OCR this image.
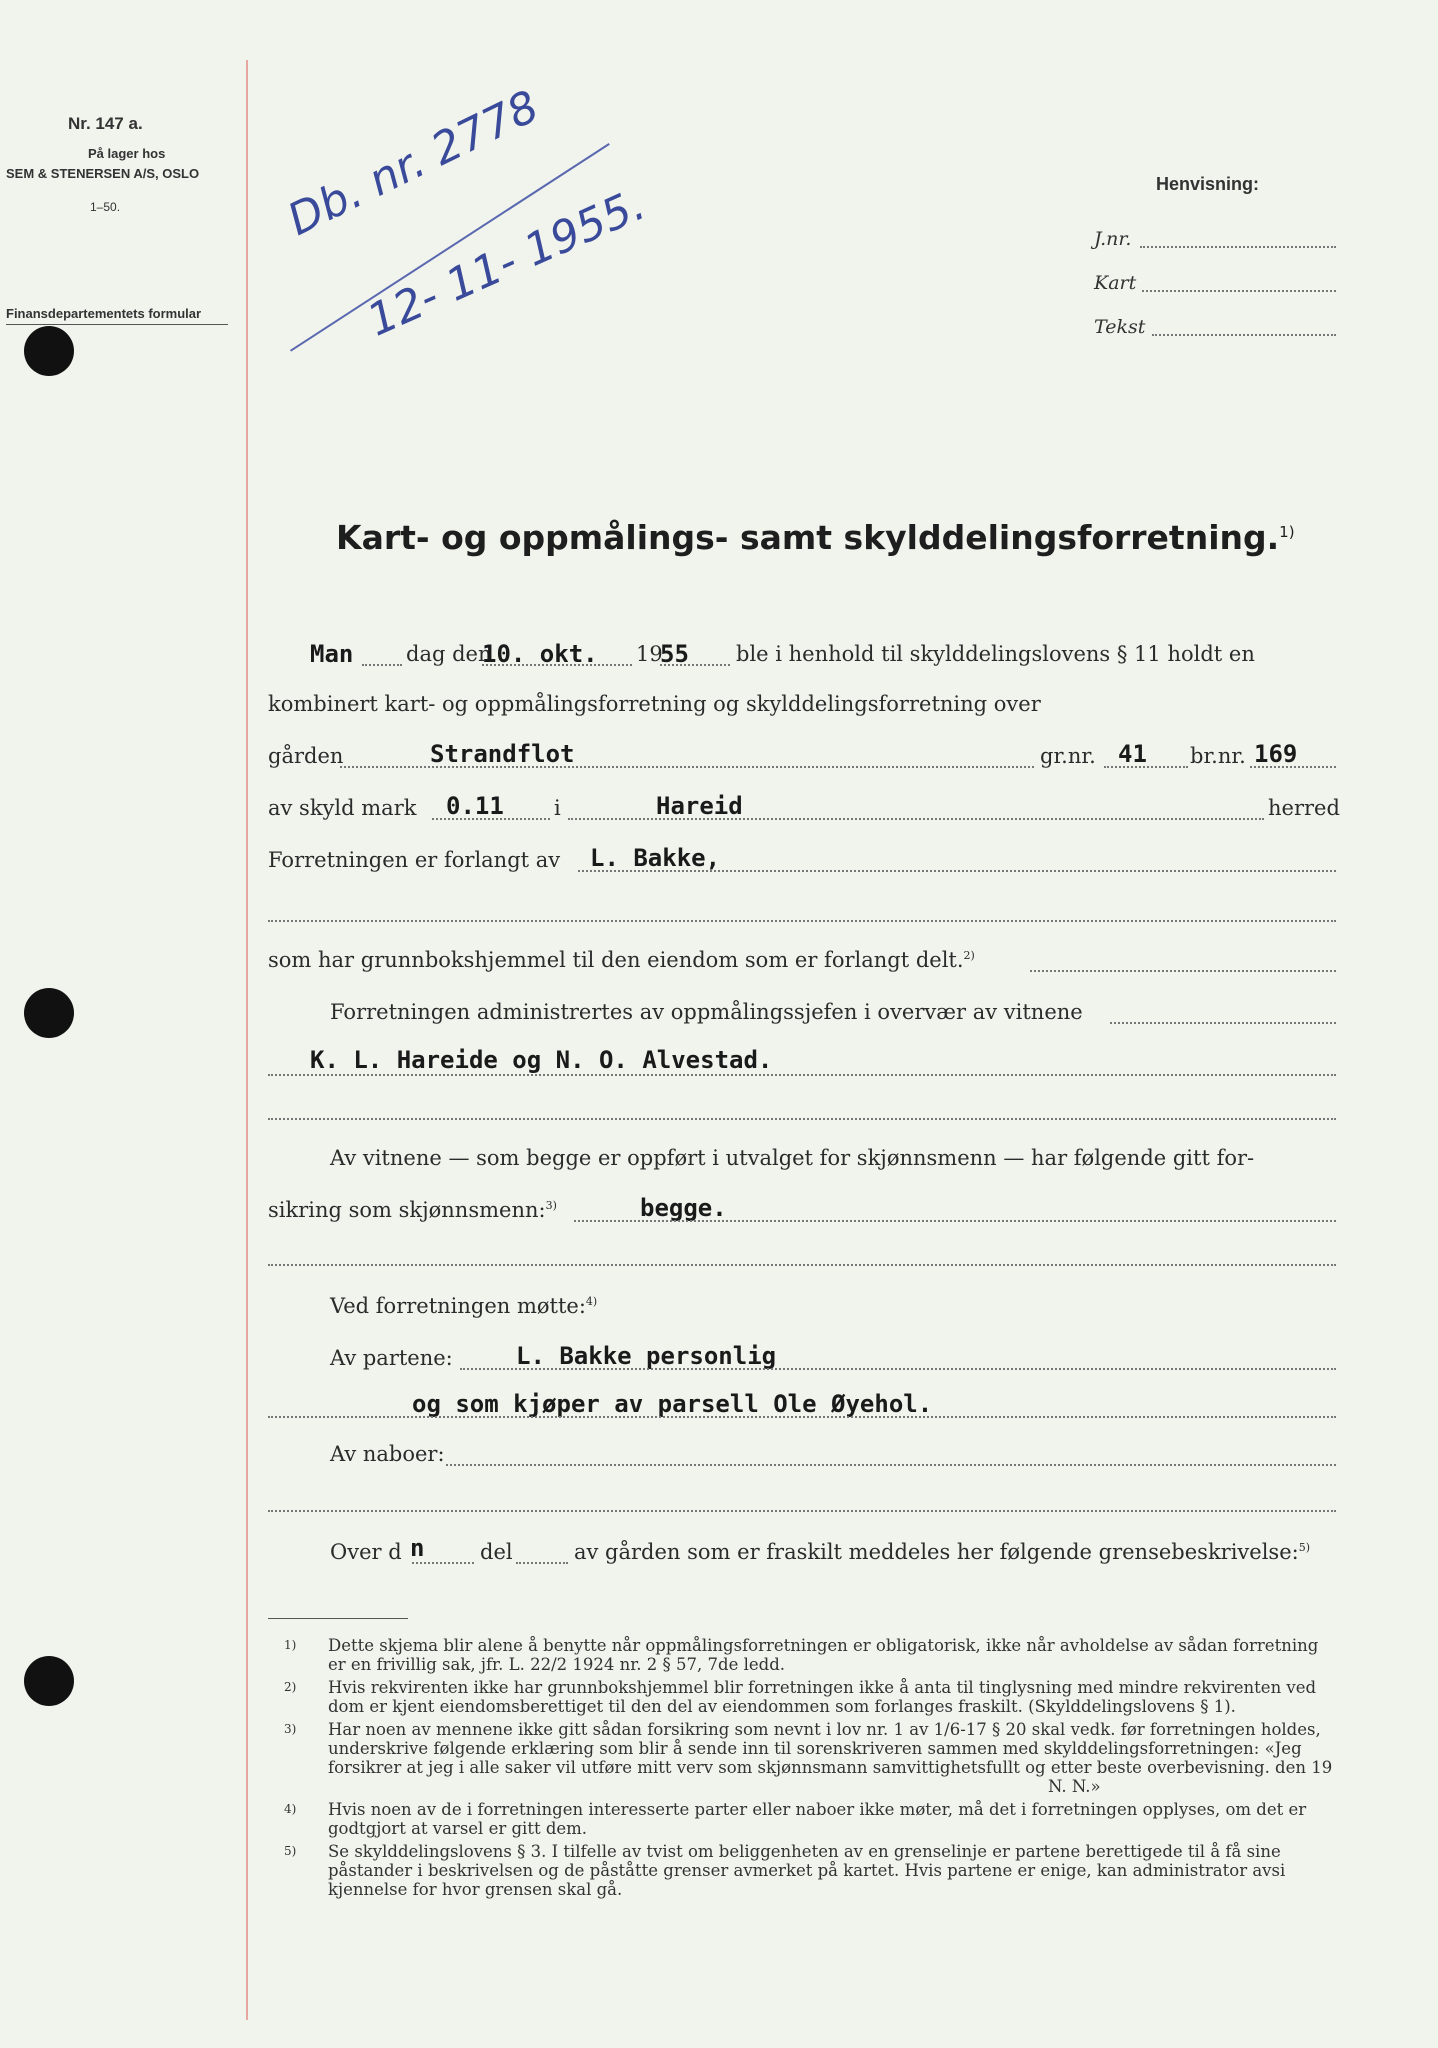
Nr. 147 a.
På lager hos
SEM & STENERSEN A/S, OSLO
1–50.
Finansdepartementets formular
Db. nr. 2778
12- 11- 1955.	Henvisning:
J.nr.
Kart
Tekst
Kart- og oppmålings- samt skylddelingsforretning.$^{1)}$
Man	dag den
10. okt. 19
55 ble i henhold til skylddelingslovens § 11 holdt en
kombinert kart- og oppmålingsforretning og skylddelingsforretning over
gården	Strandflot	gr.nr. 41 br.nr. 169
av skyld mark 0.11 i	Hareid	herred
Forretningen er forlangt av L. Bakke,
som har grunnbokshjemmel til den eiendom som er forlangt delt.$^{2)}$
Forretningen administrertes av oppmålingssjefen i overvær av vitnene
K. L. Hareide og N. O. Alvestad.
Av vitnene — som begge er oppført i utvalget for skjønnsmenn — har følgende gitt for-
sikring som skjønnsmenn:$^{3)}$	begge.
Ved forretningen møtte:$^{4)}$
Av partene:	L. Bakke personlig
og som kjøper av parsell Ole Øyehol.
Av naboer:
Over d n	del	av gården som er fraskilt meddeles her følgende grensebeskrivelse:$^{5)}$
1) Dette skjema blir alene å benytte når oppmålingsforretningen er obligatorisk, ikke når avholdelse av sådan forretning er en frivillig sak, jfr. L. 22/2 1924 nr. 2 § 57, 7de ledd.
2) Hvis rekvirenten ikke har grunnbokshjemmel blir forretningen ikke å anta til tinglysning med mindre rekvirenten ved dom er kjent eiendomsberettiget til den del av eiendommen som forlanges fraskilt. (Skylddelingslovens § 1).
3) Har noen av mennene ikke gitt sådan forsikring som nevnt i lov nr. 1 av 1/6-17 § 20 skal vedk. før forretningen holdes, underskrive følgende erklæring som blir å sende inn til sorenskriveren sammen med skylddelingsforretningen: «Jeg forsikrer at jeg i alle saker vil utføre mitt verv som skjønnsmann samvittighetsfullt og etter beste overbevisning. den 19
N. N.»
4) Hvis noen av de i forretningen interesserte parter eller naboer ikke møter, må det i forretningen opplyses, om det er godtgjort at varsel er gitt dem.
5) Se skylddelingslovens § 3. I tilfelle av tvist om beliggenheten av en grenselinje er partene berettigede til å få sine påstander i beskrivelsen og de påståtte grenser avmerket på kartet. Hvis partene er enige, kan administrator avsi kjennelse for hvor grensen skal gå.
